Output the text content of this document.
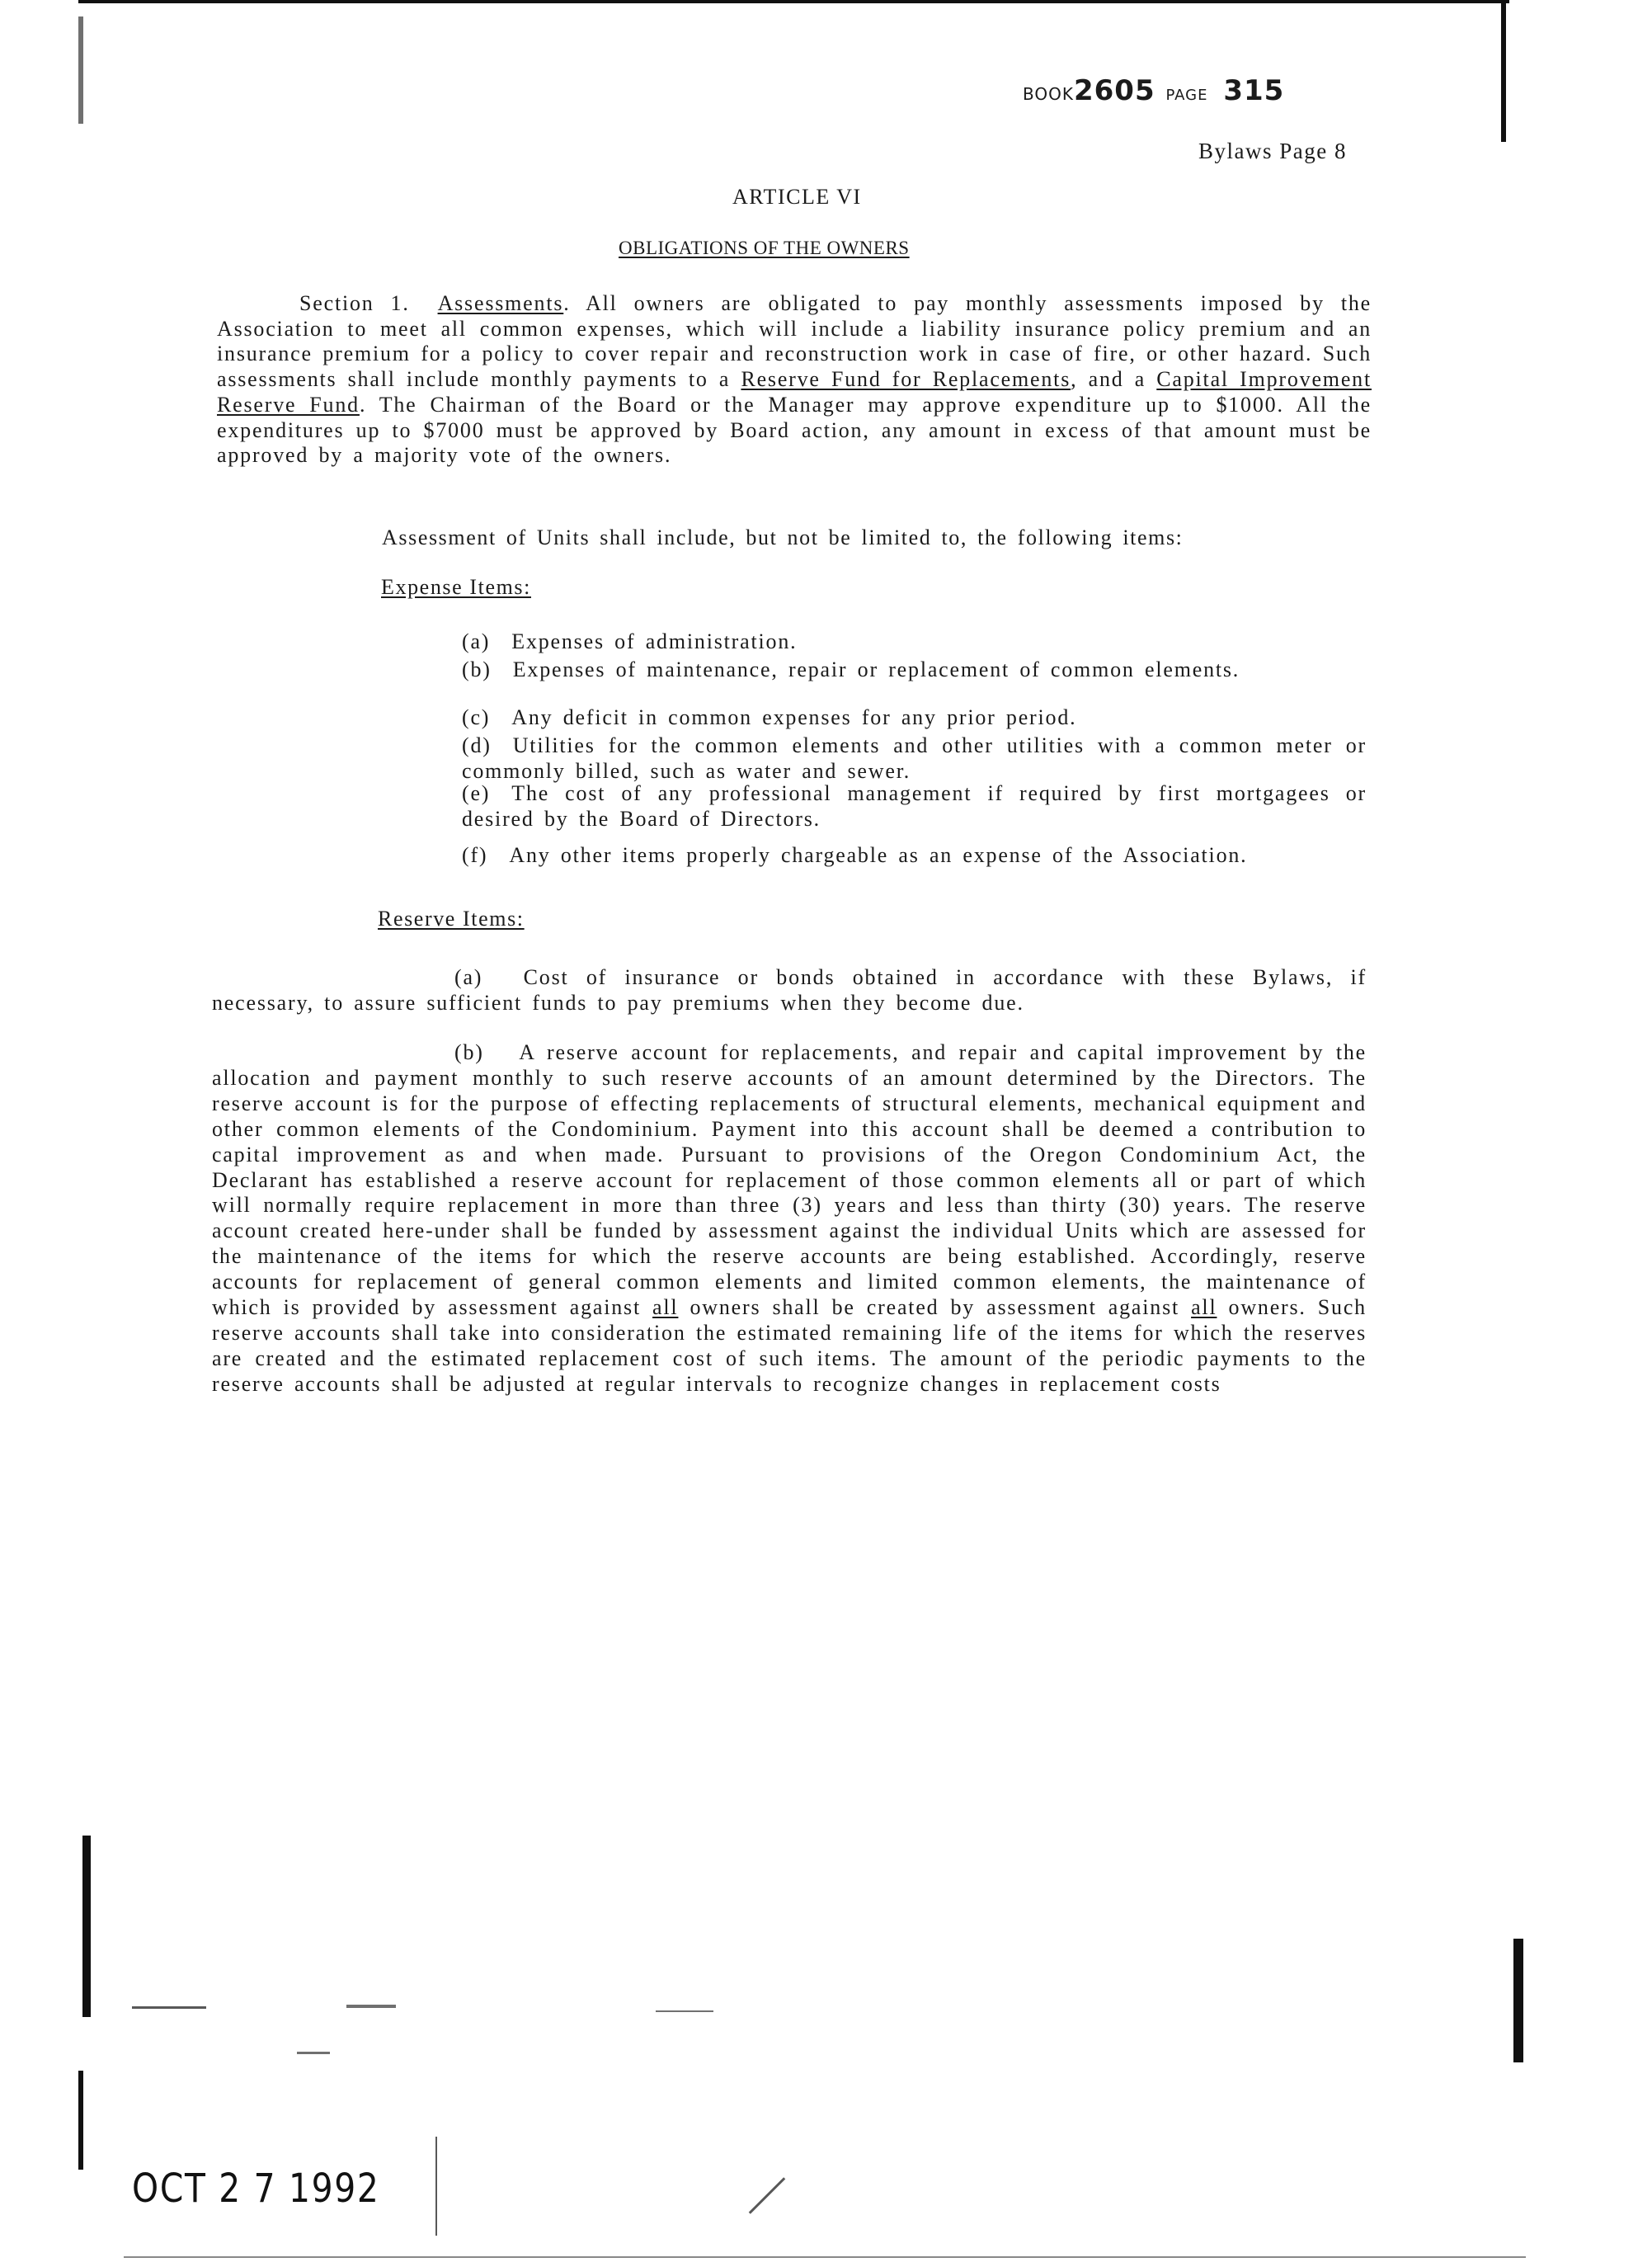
BOOK2605 PAGE 315
Bylaws Page 8
ARTICLE VI
OBLIGATIONS OF THE OWNERS
Section 1. Assessments. All owners are obligated to pay monthly assessments imposed by the Association to meet all common expenses, which will include a liability insurance policy premium and an insurance premium for a policy to cover repair and reconstruction work in case of fire, or other hazard. Such assessments shall include monthly payments to a Reserve Fund for Replacements, and a Capital Improvement Reserve Fund. The Chairman of the Board or the Manager may approve expenditure up to $1000. All the expenditures up to $7000 must be approved by Board action, any amount in excess of that amount must be approved by a majority vote of the owners.
Assessment of Units shall include, but not be limited to, the following items:
Expense Items:
(a) Expenses of administration.
(b) Expenses of maintenance, repair or replacement of common elements.
(c) Any deficit in common expenses for any prior period.
(d) Utilities for the common elements and other utilities with a common meter or commonly billed, such as water and sewer.
(e) The cost of any professional management if required by first mortgagees or desired by the Board of Directors.
(f) Any other items properly chargeable as an expense of the Association.
Reserve Items:
(a) Cost of insurance or bonds obtained in accordance with these Bylaws, if necessary, to assure sufficient funds to pay premiums when they become due.
(b) A reserve account for replacements, and repair and capital improvement by the allocation and payment monthly to such reserve accounts of an amount determined by the Directors. The reserve account is for the purpose of effecting replacements of structural elements, mechanical equipment and other common elements of the Condominium. Payment into this account shall be deemed a contribution to capital improvement as and when made. Pursuant to provisions of the Oregon Condominium Act, the Declarant has established a reserve account for replacement of those common elements all or part of which will normally require replacement in more than three (3) years and less than thirty (30) years. The reserve account created here-under shall be funded by assessment against the individual Units which are assessed for the maintenance of the items for which the reserve accounts are being established. Accordingly, reserve accounts for replacement of general common elements and limited common elements, the maintenance of which is provided by assessment against all owners shall be created by assessment against all owners. Such reserve accounts shall take into consideration the estimated remaining life of the items for which the reserves are created and the estimated replacement cost of such items. The amount of the periodic payments to the reserve accounts shall be adjusted at regular intervals to recognize changes in replacement costs
OCT 2 7 1992
